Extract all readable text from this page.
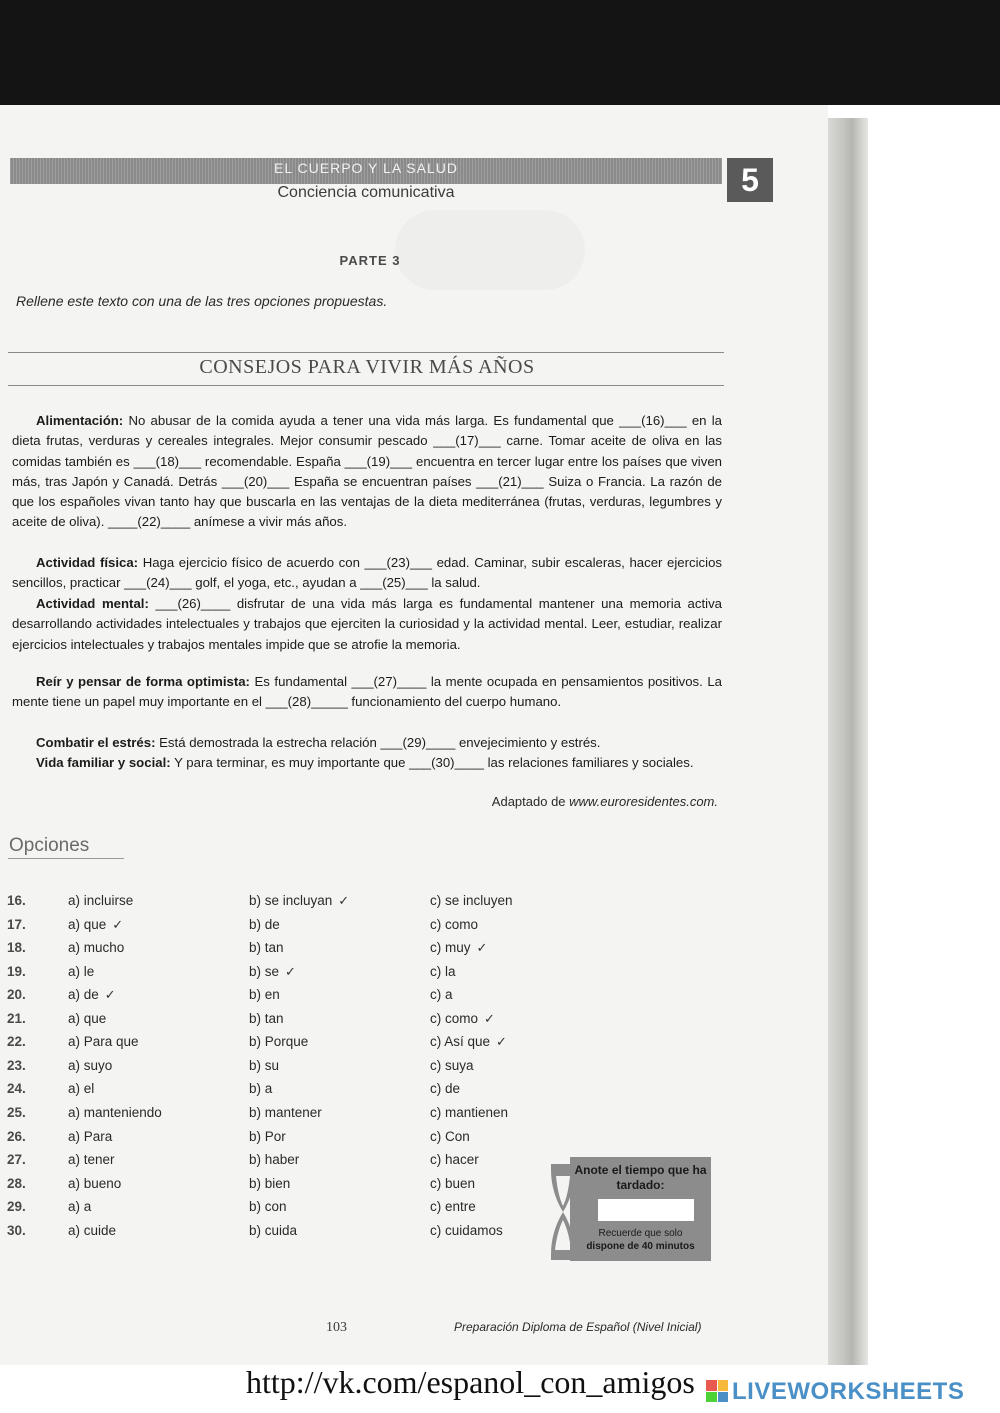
EL CUERPO Y LA SALUD
Conciencia comunicativa	5
PARTE 3
Rellene este texto con una de las tres opciones propuestas.
CONSEJOS PARA VIVIR MÁS AÑOS
Alimentación: No abusar de la comida ayuda a tener una vida más larga. Es fundamental que ___(16)___ en la dieta frutas, verduras y cereales integrales. Mejor consumir pescado ___(17)___ carne. Tomar aceite de oliva en las comidas también es ___(18)___ recomendable. España ___(19)___ encuentra en tercer lugar entre los países que viven más, tras Japón y Canadá. Detrás ___(20)___ España se encuentran países ___(21)___ Suiza o Francia. La razón de que los españoles vivan tanto hay que buscarla en las ventajas de la dieta mediterránea (frutas, verduras, legumbres y aceite de oliva). ____(22)____ anímese a vivir más años.
Actividad física: Haga ejercicio físico de acuerdo con ___(23)___ edad. Caminar, subir escaleras, hacer ejercicios sencillos, practicar ___(24)___ golf, el yoga, etc., ayudan a ___(25)___ la salud.
Actividad mental: ___(26)____ disfrutar de una vida más larga es fundamental mantener una memoria activa desarrollando actividades intelectuales y trabajos que ejerciten la curiosidad y la actividad mental. Leer, estudiar, realizar ejercicios intelectuales y trabajos mentales impide que se atrofie la memoria.
Reír y pensar de forma optimista: Es fundamental ___(27)____ la mente ocupada en pensamientos positivos. La mente tiene un papel muy importante en el ___(28)_____ funcionamiento del cuerpo humano.
Combatir el estrés: Está demostrada la estrecha relación ___(29)____ envejecimiento y estrés.
Vida familiar y social: Y para terminar, es muy importante que ___(30)____ las relaciones familiares y sociales.
Adaptado de www.euroresidentes.com.
Opciones
16.	a) incluirse	b) se incluyan ✓	c) se incluyen
17.	a) que ✓	b) de	c) como
18.	a) mucho	b) tan	c) muy ✓
19.	a) le	b) se ✓	c) la
20.	a) de ✓	b) en	c) a
21.	a) que	b) tan	c) como ✓
22.	a) Para que	b) Porque	c) Así que ✓
23.	a) suyo	b) su	c) suya
24.	a) el	b) a	c) de
25.	a) manteniendo	b) mantener	c) mantienen
26.	a) Para	b) Por	c) Con
27.	a) tener	b) haber	c) hacer
28.	a) bueno	b) bien	c) buen
29.	a) a	b) con	c) entre
30.	a) cuide	b) cuida	c) cuidamos
Anote el tiempo que ha tardado:
Recuerde que solo
dispone de 40 minutos
103	Preparación Diploma de Español (Nivel Inicial)
http://vk.com/espanol_con_amigos LIVEWORKSHEETS
